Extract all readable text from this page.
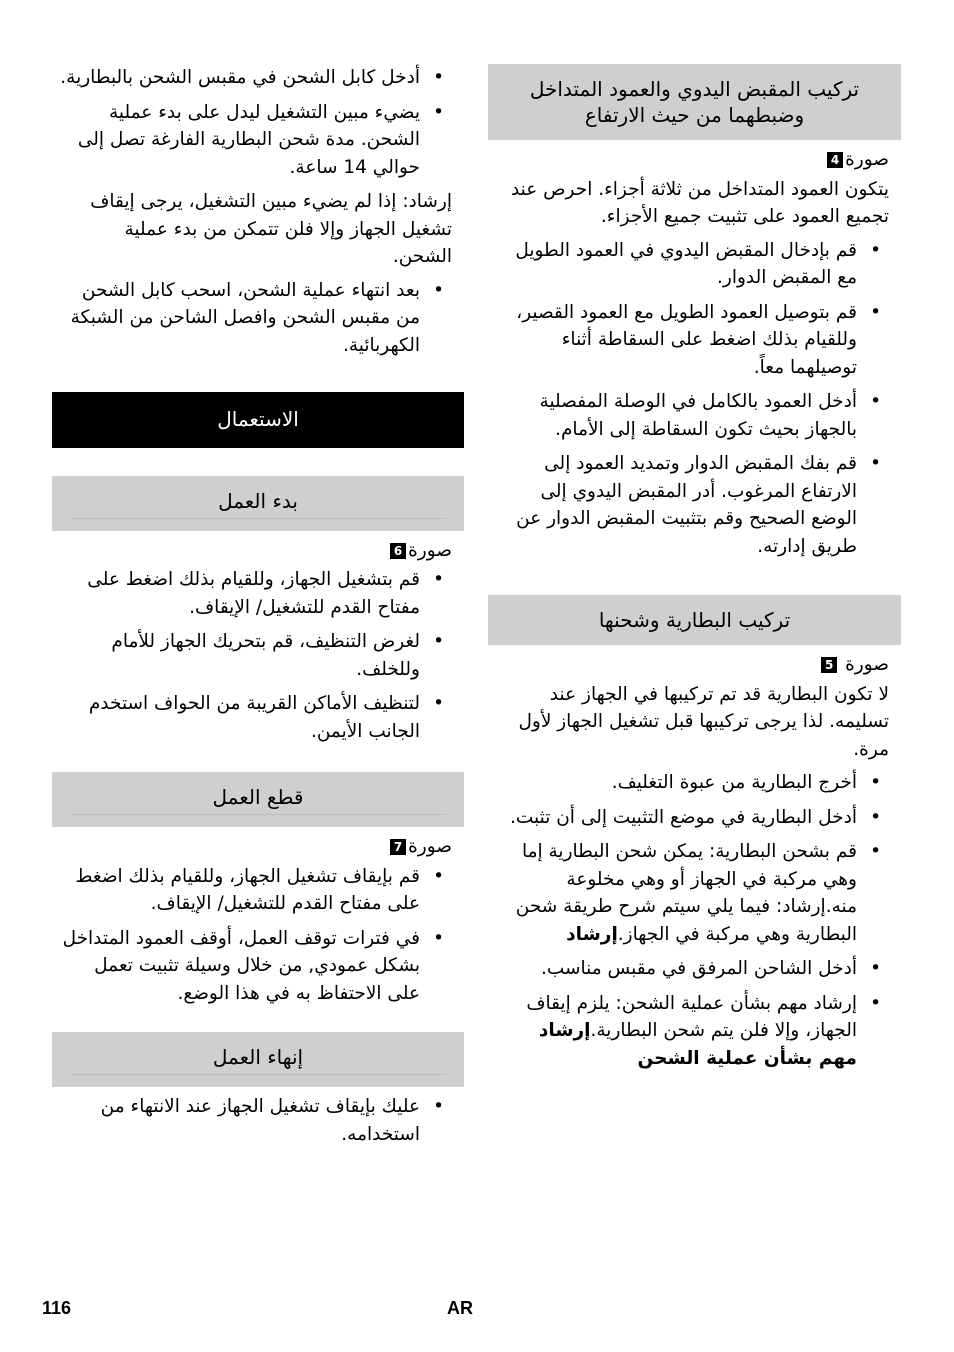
تركيب المقبض اليدوي والعمود المتداخل وضبطهما من حيث الارتفاع
صورة4
يتكون العمود المتداخل من ثلاثة أجزاء. احرص عند تجميع العمود على تثبيت جميع الأجزاء.
•
قم بإدخال المقبض اليدوي في العمود الطويل مع المقبض الدوار.
•
قم بتوصيل العمود الطويل مع العمود القصير، وللقيام بذلك اضغط على السقاطة أثناء توصيلهما معاً.
•
أدخل العمود بالكامل في الوصلة المفصلية بالجهاز بحيث تكون السقاطة إلى الأمام.
•
قم بفك المقبض الدوار وتمديد العمود إلى الارتفاع المرغوب. أدر المقبض اليدوي إلى الوضع الصحيح وقم بتثبيت المقبض الدوار عن طريق إدارته.
تركيب البطارية وشحنها
صورة 5
لا تكون البطارية قد تم تركيبها في الجهاز عند تسليمه. لذا يرجى تركيبها قبل تشغيل الجهاز لأول مرة.
•
أخرج البطارية من عبوة التغليف.
•
أدخل البطارية في موضع التثبيت إلى أن تثبت.
•
قم بشحن البطارية: يمكن شحن البطارية إما وهي مركبة في الجهاز أو وهي مخلوعة منه.إرشاد: فيما يلي سيتم شرح طريقة شحن البطارية وهي مركبة في الجهاز.إرشاد
•
أدخل الشاحن المرفق في مقبس مناسب.
•
إرشاد مهم بشأن عملية الشحن: يلزم إيقاف الجهاز، وإلا فلن يتم شحن البطارية.إرشاد مهم بشأن عملية الشحن
•
أدخل كابل الشحن في مقبس الشحن بالبطارية.
•
يضيء مبين التشغيل ليدل على بدء عملية الشحن. مدة شحن البطارية الفارغة تصل إلى حوالي 14 ساعة.
إرشاد: إذا لم يضيء مبين التشغيل، يرجى إيقاف تشغيل الجهاز وإلا فلن تتمكن من بدء عملية الشحن.
•
بعد انتهاء عملية الشحن، اسحب كابل الشحن من مقبس الشحن وافصل الشاحن من الشبكة الكهربائية.
الاستعمال
بدء العمل
صورة6
•
قم بتشغيل الجهاز، وللقيام بذلك اضغط على مفتاح القدم للتشغيل/ الإيقاف.
•
لغرض التنظيف، قم بتحريك الجهاز للأمام وللخلف.
•
لتنظيف الأماكن القريبة من الحواف استخدم الجانب الأيمن.
قطع العمل
صورة7
•
قم بإيقاف تشغيل الجهاز، وللقيام بذلك اضغط على مفتاح القدم للتشغيل/ الإيقاف.
•
في فترات توقف العمل، أوقف العمود المتداخل بشكل عمودي, من خلال وسيلة تثبيت تعمل على الاحتفاظ به في هذا الوضع.
إنهاء العمل
•
عليك بإيقاف تشغيل الجهاز عند الانتهاء من استخدامه.
116	AR
